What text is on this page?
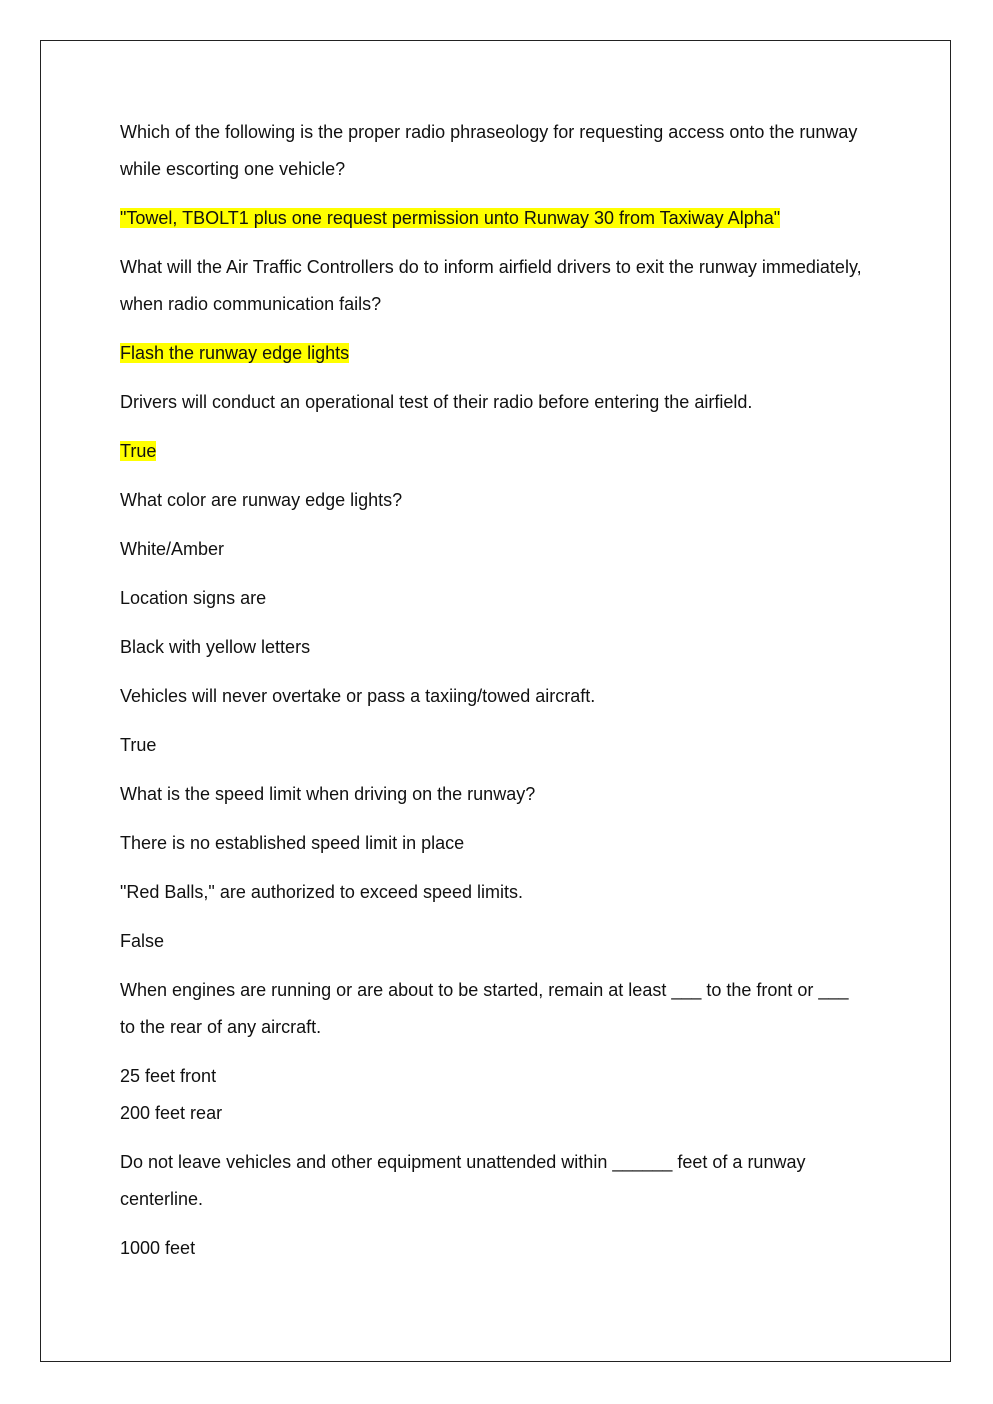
Which of the following is the proper radio phraseology for requesting access onto the runway while escorting one vehicle?

"Towel, TBOLT1 plus one request permission unto Runway 30 from Taxiway Alpha"

What will the Air Traffic Controllers do to inform airfield drivers to exit the runway immediately, when radio communication fails?

Flash the runway edge lights

Drivers will conduct an operational test of their radio before entering the airfield.

True

What color are runway edge lights?

White/Amber

Location signs are

Black with yellow letters

Vehicles will never overtake or pass a taxiing/towed aircraft.

True

What is the speed limit when driving on the runway?

There is no established speed limit in place

"Red Balls," are authorized to exceed speed limits.

False

When engines are running or are about to be started, remain at least ___ to the front or ___ to the rear of any aircraft.

25 feet front

200 feet rear

Do not leave vehicles and other equipment unattended within ______ feet of a runway centerline.

1000 feet
